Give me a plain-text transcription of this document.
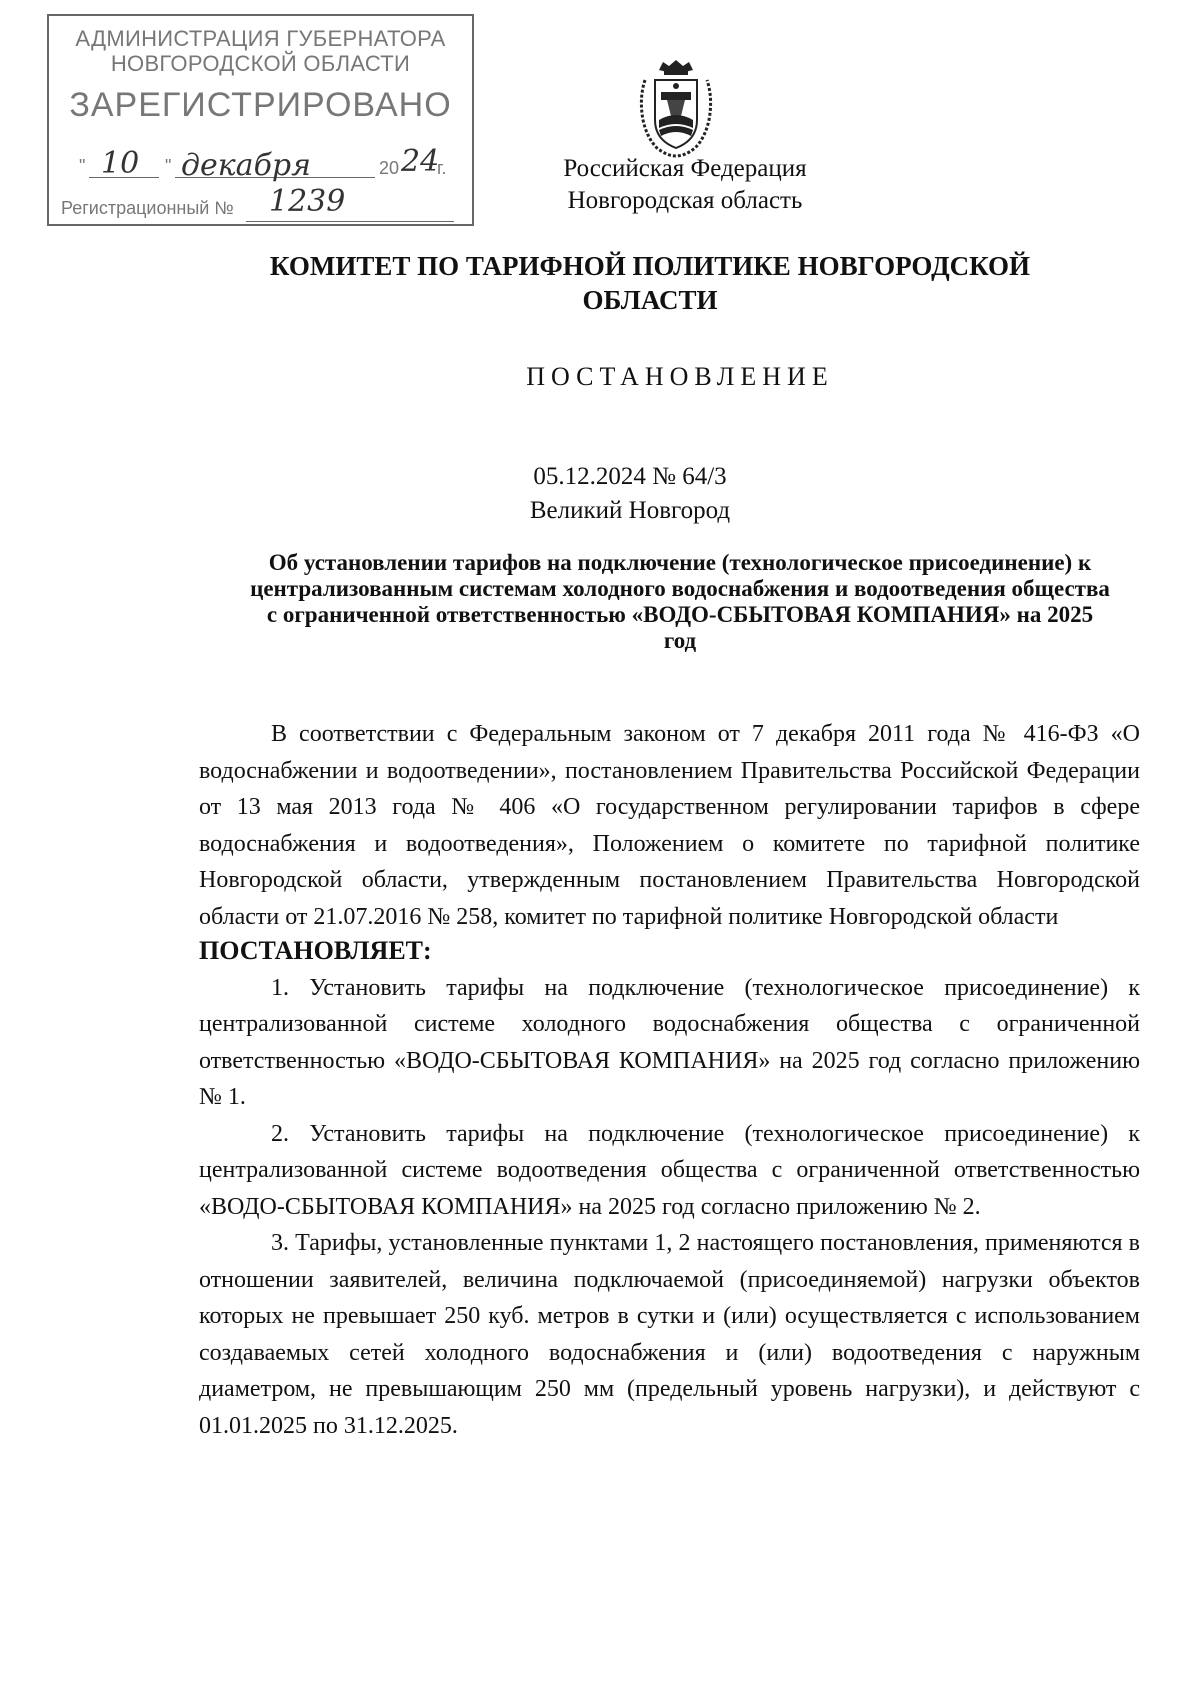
АДМИНИСТРАЦИЯ ГУБЕРНАТОРА
НОВГОРОДСКОЙ ОБЛАСТИ
ЗАРЕГИСТРИРОВАНО
" 10 " декабря	20 24
г.
Регистрационный № 1239
Российская Федерация
Новгородская область
КОМИТЕТ ПО ТАРИФНОЙ ПОЛИТИКЕ НОВГОРОДСКОЙ ОБЛАСТИ
ПОСТАНОВЛЕНИЕ
05.12.2024 № 64/3
Великий Новгород
Об установлении тарифов на подключение (технологическое присоединение) к централизованным системам холодного водоснабжения и водоотведения общества с ограниченной ответственностью «ВОДО-СБЫТОВАЯ КОМПАНИЯ» на 2025 год

В соответствии с Федеральным законом от 7 декабря 2011 года № 416-ФЗ «О водоснабжении и водоотведении», постановлением Правительства Российской Федерации от 13 мая 2013 года № 406 «О государственном регулировании тарифов в сфере водоснабжения и водоотведения», Положением о комитете по тарифной политике Новгородской области, утвержденным постановлением Правительства Новгородской области от 21.07.2016 № 258, комитет по тарифной политике Новгородской области

ПОСТАНОВЛЯЕТ:

1. Установить тарифы на подключение (технологическое присоединение) к централизованной системе холодного водоснабжения общества с ограниченной ответственностью «ВОДО-СБЫТОВАЯ КОМПАНИЯ» на 2025 год согласно приложению № 1.

2. Установить тарифы на подключение (технологическое присоединение) к централизованной системе водоотведения общества с ограниченной ответственностью «ВОДО-СБЫТОВАЯ КОМПАНИЯ» на 2025 год согласно приложению № 2.

3. Тарифы, установленные пунктами 1, 2 настоящего постановления, применяются в отношении заявителей, величина подключаемой (присоединяемой) нагрузки объектов которых не превышает 250 куб. метров в сутки и (или) осуществляется с использованием создаваемых сетей холодного водоснабжения и (или) водоотведения с наружным диаметром, не превышающим 250 мм (предельный уровень нагрузки), и действуют с 01.01.2025 по 31.12.2025.
